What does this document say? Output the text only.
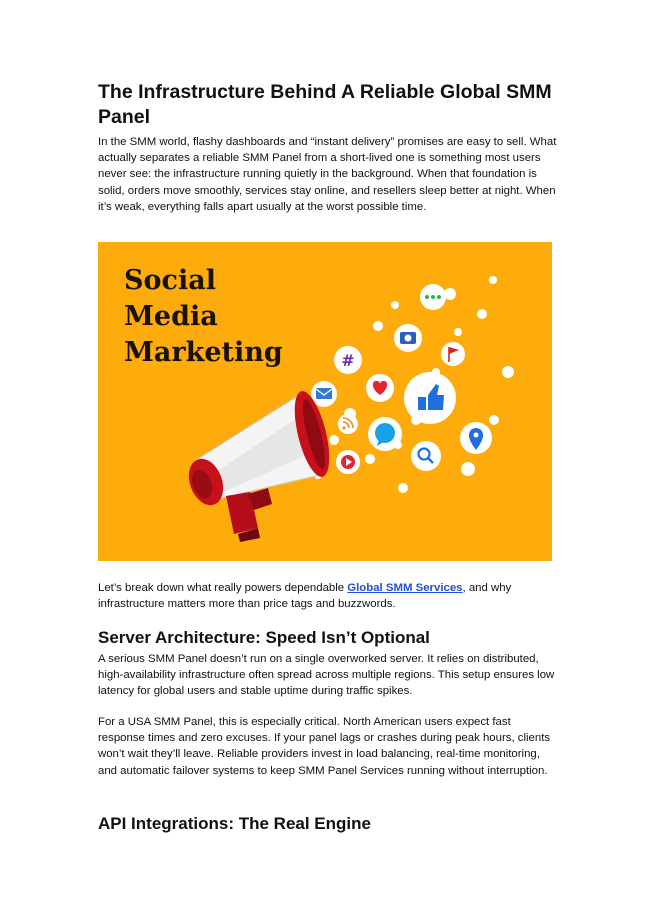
The Infrastructure Behind A Reliable Global SMM Panel

In the SMM world, flashy dashboards and “instant delivery” promises are easy to sell. What actually separates a reliable SMM Panel from a short-lived one is something most users never see: the infrastructure running quietly in the background. When that foundation is solid, orders move smoothly, services stay online, and resellers sleep better at night. When it’s weak, everything falls apart usually at the worst possible time.

Social
Media
Marketing	#

Let’s break down what really powers dependable Global SMM Services, and why infrastructure matters more than price tags and buzzwords.

Server Architecture: Speed Isn’t Optional

A serious SMM Panel doesn’t run on a single overworked server. It relies on distributed, high-availability infrastructure often spread across multiple regions. This setup ensures low latency for global users and stable uptime during traffic spikes.

For a USA SMM Panel, this is especially critical. North American users expect fast response times and zero excuses. If your panel lags or crashes during peak hours, clients won’t wait they’ll leave. Reliable providers invest in load balancing, real-time monitoring, and automatic failover systems to keep SMM Panel Services running without interruption.

API Integrations: The Real Engine
